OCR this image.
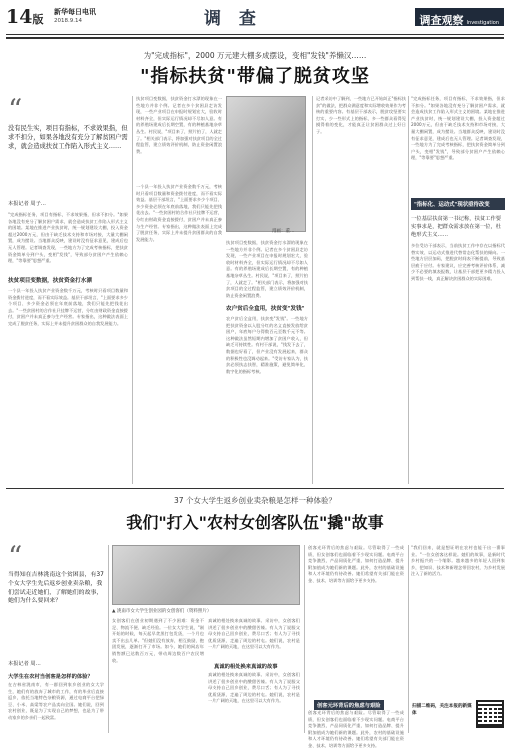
14版
新华每日电讯
2018.9.14	调 查	调查观察 Investigation
为"完成指标"，2000 万元建大棚多成摆设，变相"发钱"养懒汉……
"指标扶贫"带偏了脱贫攻坚
“
没有民生实，项目有指标，不求效果指，但求不扣分，如果各地没有充分了解贫困户需求，就会造成扶贫工作陷入形式主义……
本报记者 周子…
"完成指标任务，项目有指标，不求效果指，但求不扣分。"如果各地没有充分了解贫困户需求，就会造成扶贫工作陷入形式主义的困境。某地在推进产业扶贫时，统一规划建设大棚，投入资金超过2000万元，但由于缺乏技术支持和市场对接，大量大棚闲置，成为摆设。当地群众反映，建设时没有征求意见，建成后也无人管理。记者调查发现，一些地方为了完成考核指标，把扶贫资金简单分到户头，变相"发钱"，导致部分贫困户产生依赖心理，"等靠要"思想严重。
扶贫项目变数据，扶贫资金打水漂
一个县一年投入扶贫产业资金数千万元，考核时只看项目数量和资金拨付进度，而不看实际效益。基层干部坦言，"上面要求多少个项目、多少资金必须在年底前落地，我们只能先把钱花出去。"一些贫困村的合作社只挂牌不运营，分红由财政资金直接拨付，贫困户并未真正参与生产经营。专家指出，这种做法表面上完成了脱贫任务，实际上并未提升贫困群众的自我发展能力。
扶贫项目变数据，扶贫资金打水漂的现象在一些地方并非个例。记者在多个贫困县走访发现，一些产业项目在申报时规划宏大，验收时材料齐全，但实际运行情况却不尽如人意。有的养殖场建成后长期空置，有的种植基地杂草丛生。村民说，"项目来了，照片拍了，人就走了。"相关部门表示，将加强对扶贫项目的全过程监管，建立绩效评价机制，防止资金闲置浪费。
漫画：董…
一个县一年投入扶贫产业资金数千万元，考核时只看项目数量和资金拨付进度，而不看实际效益。基层干部坦言，"上面要求多少个项目、多少资金必须在年底前落地，我们只能先把钱花出去。"一些贫困村的合作社只挂牌不运营，分红由财政资金直接拨付，贫困户并未真正参与生产经营。专家指出，这种做法表面上完成了脱贫任务，实际上并未提升贫困群众的自我发展能力。
扶贫项目变数据，扶贫资金打水漂的现象在一些地方并非个例。记者在多个贫困县走访发现，一些产业项目在申报时规划宏大，验收时材料齐全，但实际运行情况却不尽如人意。有的养殖场建成后长期空置，有的种植基地杂草丛生。村民说，"项目来了，照片拍了，人就走了。"相关部门表示，将加强对扶贫项目的全过程监管，建立绩效评价机制，防止资金闲置浪费。
农户贫后全盒用，扶贫变"发钱"
农户贫后全盒用，扶贫变"发钱"。一些地方把扶贫资金以入股分红的名义直接发放给贫困户，年底每户分得数百元至数千元不等。这种做法虽然短期内增加了贫困户收入，但缺乏可持续性。有村干部说，"钱发下去了，数据也好看了，但产业没有发展起来，群众的积极性也没调动起来。"受访专家认为，扶贫必须扶志扶智，精准施策，避免简单化、数字化的指标考核。
记者采访中了解到，一些地方已开始纠正"指标扶贫"的做法，把群众满意度和实际增收效果作为考核的重要内容。有基层干部表示，脱贫攻坚要实打实，少一些形式上的指标，多一些群众看得见摸得着的变化，才能真正让贫困群众过上好日子。
"完成指标任务，项目有指标，不求效果指，但求不扣分。"如果各地没有充分了解贫困户需求，就会造成扶贫工作陷入形式主义的困境。某地在推进产业扶贫时，统一规划建设大棚，投入资金超过2000万元，但由于缺乏技术支持和市场对接，大量大棚闲置，成为摆设。当地群众反映，建设时没有征求意见，建成后也无人管理。记者调查发现，一些地方为了完成考核指标，把扶贫资金简单分到户头，变相"发钱"，导致部分贫困户产生依赖心理，"等靠要"思想严重。
"指标化、运动式"现状亟待改变
一位基层扶贫第一书记称，扶贫工作要实事求是，把群众需求放在第一位，杜绝形式主义……
多位受访干部表示，当前扶贫工作中存在以指标代替实效、以运动式推进代替常态化帮扶的倾向。一些地方层层加码，把脱贫时间表不断提前，导致基层疲于应付。专家建议，应完善考核评价体系，减少不必要的填表报数，让基层干部把更多精力投入到帮扶一线，真正解决贫困群众的实际困难。
37 个女大学生返乡创业卖杂粮是怎样一种体验？
我们"打入"农村女创客队伍"撬"故事
“
当得知在吉林洮南这个贫困县，有37个女大学生先后返乡创业卖杂粮，我们尝试走近她们，了解她们的故事，她们为什么要回来？
本报记者 周…
大学生在农村当创客是怎样的体验？
在吉林省洮南市，有一群回到家乡创业的女大学生，她们有的放弃了城市的工作，有的毕业后直接返乡，依托当地特色杂粮资源，通过电商平台把绿豆、小米、高粱等农产品卖向全国。她们说，回到农村创业，既是为了实现自己的梦想，也是为了带动家乡的乡亲们一起致富。
▲ 洮南市女大学生创业园的女创客们（资料照片）
女创客们在创业初期遇到了不少困难：资金不足、物流不便、缺乏经验。一位女大学生说，"刚开始的时候，每天起早贪黑打包发货，一个月也卖不出去几单。"但她们没有放弃，相互鼓励，抱团发展，逐渐打开了市场。如今，她们的网店年销售额已达数百万元，带动周边数百户农民增收。
真诚的相处换来真诚的故事。采访中，女创客们讲述了很多创业中的酸甜苦辣。有人为了说服父母支持自己回乡创业，费尽口舌；有人为了寻找优质货源，走遍了周边的村屯。她们说，农村是一片广阔的天地，在这里可以大有作为。
真诚的相处换来真诚的故事
真诚的相处换来真诚的故事。采访中，女创客们讲述了很多创业中的酸甜苦辣。有人为了说服父母支持自己回乡创业，费尽口舌；有人为了寻找优质货源，走遍了周边的村屯。她们说，农村是一片广阔的天地，在这里可以大有作为。
创客光环背后的焦虑与艰险。尽管取得了一些成绩，但女创客们也面临着不少现实问题。电商平台竞争激烈，产品同质化严重，如何打造品牌、提升附加值成为她们新的课题。此外，农村的基础设施和人才环境仍有待改善。她们希望有关部门能在资金、技术、培训等方面给予更多支持。
创客元环背后的焦虑与艰险
创客光环背后的焦虑与艰险。尽管取得了一些成绩，但女创客们也面临着不少现实问题。电商平台竞争激烈，产品同质化严重，如何打造品牌、提升附加值成为她们新的课题。此外，农村的基础设施和人才环境仍有待改善。她们希望有关部门能在资金、技术、培训等方面给予更多支持。
"我们回来，就是想证明在农村也能干出一番事业。"一位女创客这样说。她们的故事，是新时代乡村振兴的一个缩影。越来越多的年轻人回到家乡，把知识、技术和新理念带回农村，为乡村发展注入了新的活力。
扫描二维码，关注本报的新媒体
